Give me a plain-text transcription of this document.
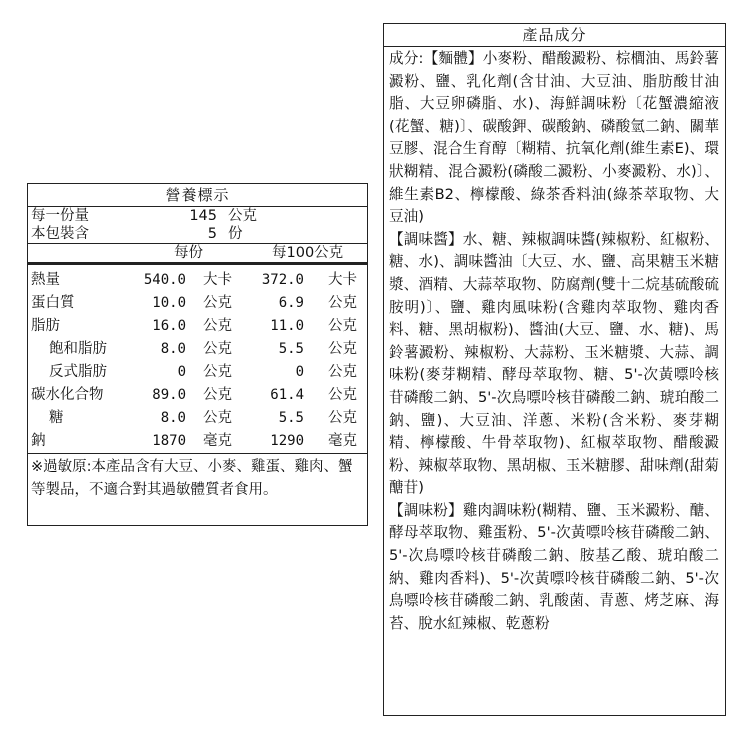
營養標示
每一份量	145 公克
本包裝含	5 份
每份	每100公克
熱量	540.0 大卡 372.0 大卡
蛋白質	10.0 公克	6.9 公克
脂肪	16.0 公克	11.0 公克
飽和脂肪	8.0 公克	5.5 公克
反式脂肪	0 公克	0 公克
碳水化合物	89.0 公克	61.4 公克
糖	8.0 公克	5.5 公克
鈉	1870 毫克	1290 毫克
※過敏原:本產品含有大豆、小麥、雞蛋、雞肉、蟹等製品，不適合對其過敏體質者食用。
產品成分

成分:【麵體】小麥粉、醋酸澱粉、棕櫚油、馬鈴薯澱粉、鹽、乳化劑(含甘油、大豆油、脂肪酸甘油脂、大豆卵磷脂、水)、海鮮調味粉〔花蟹濃縮液(花蟹、糖)〕、碳酸鉀、碳酸鈉、磷酸氫二鈉、關華豆膠、混合生育醇〔糊精、抗氧化劑(維生素E)、環狀糊精、混合澱粉(磷酸二澱粉、小麥澱粉、水)〕、維生素B2、檸檬酸、綠茶香料油(綠茶萃取物、大豆油)

【調味醬】水、糖、辣椒調味醬(辣椒粉、紅椒粉、糖、水)、調味醬油〔大豆、水、鹽、高果糖玉米糖漿、酒精、大蒜萃取物、防腐劑(雙十二烷基硫酸硫胺明)〕、鹽、雞肉風味粉(含雞肉萃取物、雞肉香料、糖、黑胡椒粉)、醬油(大豆、鹽、水、糖)、馬鈴薯澱粉、辣椒粉、大蒜粉、玉米糖漿、大蒜、調味粉(麥芽糊精、酵母萃取物、糖、5'-次黃嘌呤核苷磷酸二鈉、5'-次鳥嘌呤核苷磷酸二鈉、琥珀酸二鈉、鹽)、大豆油、洋蔥、米粉(含米粉、麥芽糊精、檸檬酸、牛骨萃取物)、紅椒萃取物、醋酸澱粉、辣椒萃取物、黑胡椒、玉米糖膠、甜味劑(甜菊醣苷)

【調味粉】雞肉調味粉(糊精、鹽、玉米澱粉、醣、酵母萃取物、雞蛋粉、5'-次黃嘌呤核苷磷酸二鈉、5'-次鳥嘌呤核苷磷酸二鈉、胺基乙酸、琥珀酸二納、雞肉香料)、5'-次黃嘌呤核苷磷酸二鈉、5'-次鳥嘌呤核苷磷酸二鈉、乳酸菌、青蔥、烤芝麻、海苔、脫水紅辣椒、乾蔥粉
